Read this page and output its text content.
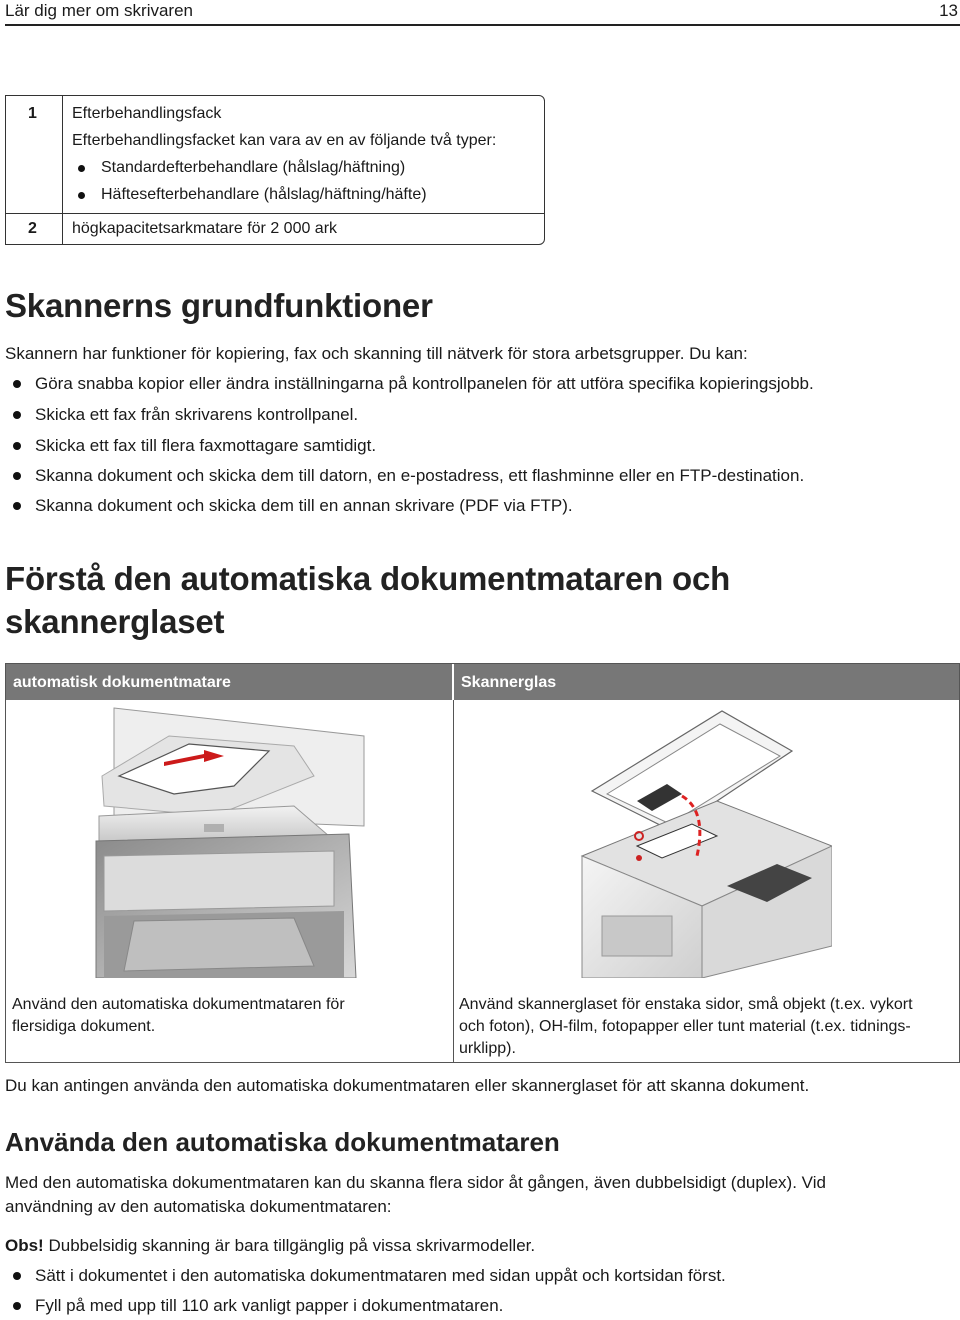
Lär dig mer om skrivaren	13
1 Efterbehandlingsfack
Efterbehandlingsfacket kan vara av en av följande två typer:
Standardefterbehandlare (hålslag/häftning)
Häftesefterbehandlare (hålslag/häftning/häfte)
2 högkapacitetsarkmatare för 2 000 ark
Skannerns grundfunktioner
Skannern har funktioner för kopiering, fax och skanning till nätverk för stora arbetsgrupper. Du kan:
Göra snabba kopior eller ändra inställningarna på kontrollpanelen för att utföra specifika kopieringsjobb.
Skicka ett fax från skrivarens kontrollpanel.
Skicka ett fax till flera faxmottagare samtidigt.
Skanna dokument och skicka dem till datorn, en e-postadress, ett flashminne eller en FTP-destination.
Skanna dokument och skicka dem till en annan skrivare (PDF via FTP).
Förstå den automatiska dokumentmataren och
skannerglaset
automatisk dokumentmatare	Skannerglas
Använd den automatiska dokumentmataren för
flersidiga dokument.
Använd skannerglaset för enstaka sidor, små objekt (t.ex. vykort
och foton), OH-film, fotopapper eller tunt material (t.ex. tidnings-
urklipp).
Du kan antingen använda den automatiska dokumentmataren eller skannerglaset för att skanna dokument.
Använda den automatiska dokumentmataren
Med den automatiska dokumentmataren kan du skanna flera sidor åt gången, även dubbelsidigt (duplex). Vid
användning av den automatiska dokumentmataren:
Obs! Dubbelsidig skanning är bara tillgänglig på vissa skrivarmodeller.
Sätt i dokumentet i den automatiska dokumentmataren med sidan uppåt och kortsidan först.
Fyll på med upp till 110 ark vanligt papper i dokumentmataren.
